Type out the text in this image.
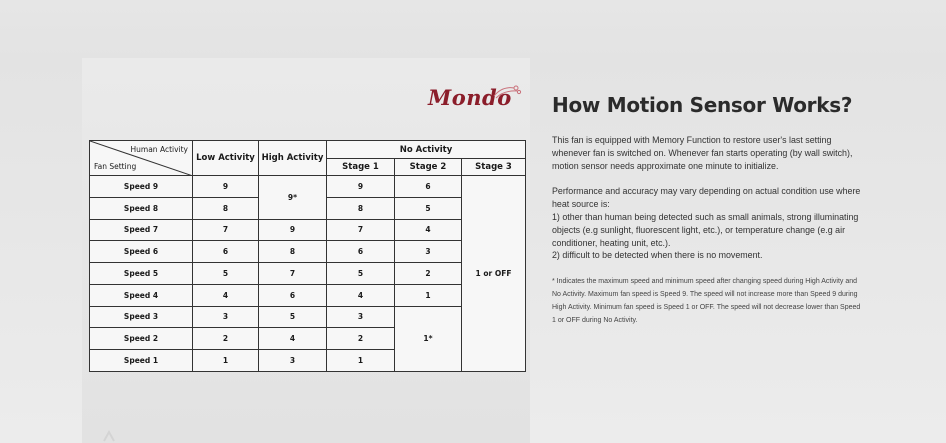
Mondo
Human Activity
Fan Setting	Low Activity	High Activity	No Activity		
			Stage 1	Stage 2	Stage 3
Speed 9	9	9*	9	6	1 or OFF
Speed 8	8		8	5	
Speed 7	7	9	7	4	
Speed 6	6	8	6	3	
Speed 5	5	7	5	2	
Speed 4	4	6	4	1	
Speed 3	3	5	3	1*	
Speed 2	2	4	2		
Speed 1	1	3	1		
How Motion Sensor Works?

This fan is equipped with Memory Function to restore user's last setting whenever fan is switched on. Whenever fan starts operating (by wall switch), motion sensor needs approximate one minute to initialize.

Performance and accuracy may vary depending on actual condition use where heat source is:
1) other than human being detected such as small animals, strong illuminating objects (e.g sunlight, fluorescent light, etc.), or temperature change (e.g air conditioner, heating unit, etc.).
2) difficult to be detected when there is no movement.

* Indicates the maximum speed and minimum speed after changing speed during High Activity and No Activity. Maximum fan speed is Speed 9. The speed will not increase more than Speed 9 during High Activity. Minimum fan speed is Speed 1 or OFF. The speed will not decrease lower than Speed 1 or OFF during No Activity.
